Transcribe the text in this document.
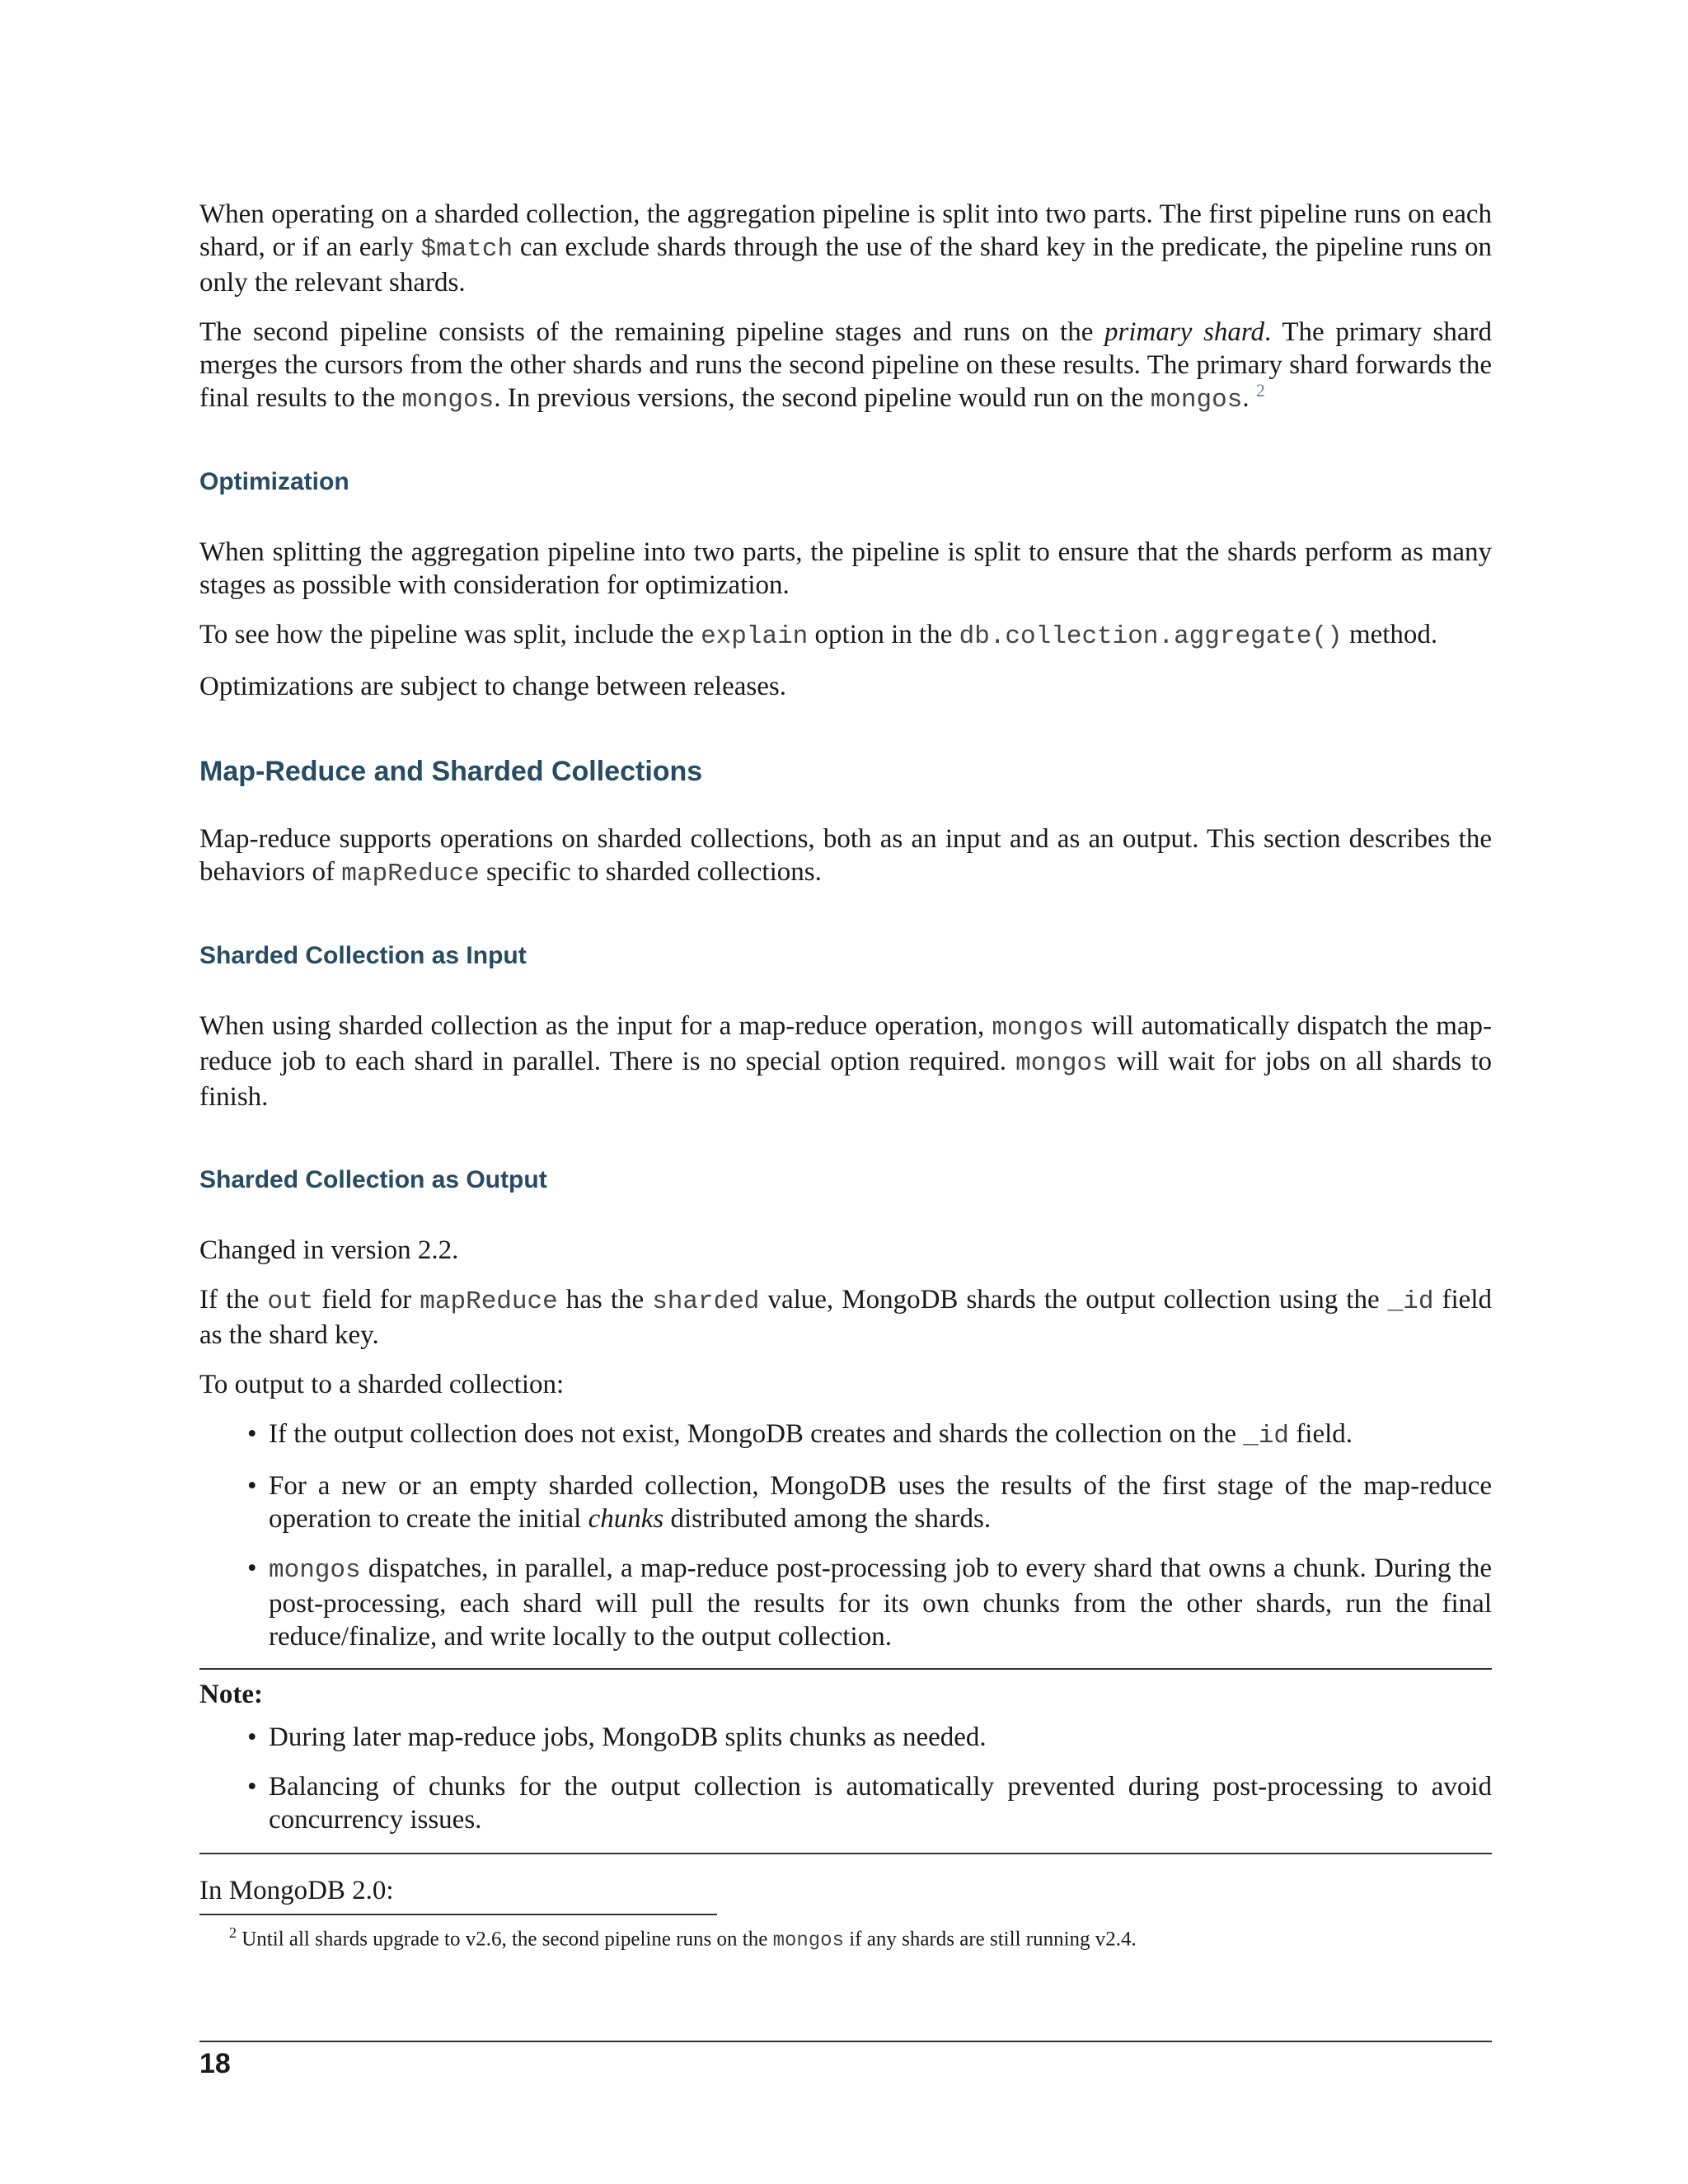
When operating on a sharded collection, the aggregation pipeline is split into two parts. The first pipeline runs on each shard, or if an early $match can exclude shards through the use of the shard key in the predicate, the pipeline runs on only the relevant shards.

The second pipeline consists of the remaining pipeline stages and runs on the primary shard. The primary shard merges the cursors from the other shards and runs the second pipeline on these results. The primary shard forwards the final results to the mongos. In previous versions, the second pipeline would run on the mongos. $^2$

Optimization

When splitting the aggregation pipeline into two parts, the pipeline is split to ensure that the shards perform as many stages as possible with consideration for optimization.

To see how the pipeline was split, include the explain option in the db.collection.aggregate() method.

Optimizations are subject to change between releases.

Map-Reduce and Sharded Collections

Map-reduce supports operations on sharded collections, both as an input and as an output. This section describes the behaviors of mapReduce specific to sharded collections.

Sharded Collection as Input

When using sharded collection as the input for a map-reduce operation, mongos will automatically dispatch the map-reduce job to each shard in parallel. There is no special option required. mongos will wait for jobs on all shards to finish.

Sharded Collection as Output

Changed in version 2.2.

If the out field for mapReduce has the sharded value, MongoDB shards the output collection using the _id field as the shard key.

To output to a sharded collection:

• If the output collection does not exist, MongoDB creates and shards the collection on the _id field.
• For a new or an empty sharded collection, MongoDB uses the results of the first stage of the map-reduce operation to create the initial chunks distributed among the shards.
• mongos dispatches, in parallel, a map-reduce post-processing job to every shard that owns a chunk. During the post-processing, each shard will pull the results for its own chunks from the other shards, run the final reduce/finalize, and write locally to the output collection.
Note:
• During later map-reduce jobs, MongoDB splits chunks as needed.
• Balancing of chunks for the output collection is automatically prevented during post-processing to avoid concurrency issues.

In MongoDB 2.0:

$^2$ Until all shards upgrade to v2.6, the second pipeline runs on the mongos if any shards are still running v2.4.

18
